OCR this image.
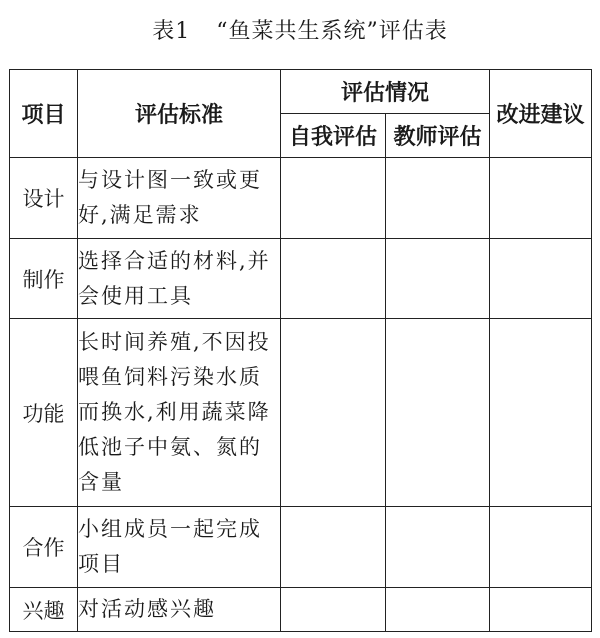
表1 “鱼菜共生系统”评估表
项目	评估标准	评估情况		改进建议
		自我评估	教师评估	
设计	与设计图一致或更好,满足需求			
制作	选择合适的材料,并会使用工具			
功能	长时间养殖,不因投喂鱼饲料污染水质而换水,利用蔬菜降低池子中氨、氮的含量			
合作	小组成员一起完成项目			
兴趣	对活动感兴趣			
